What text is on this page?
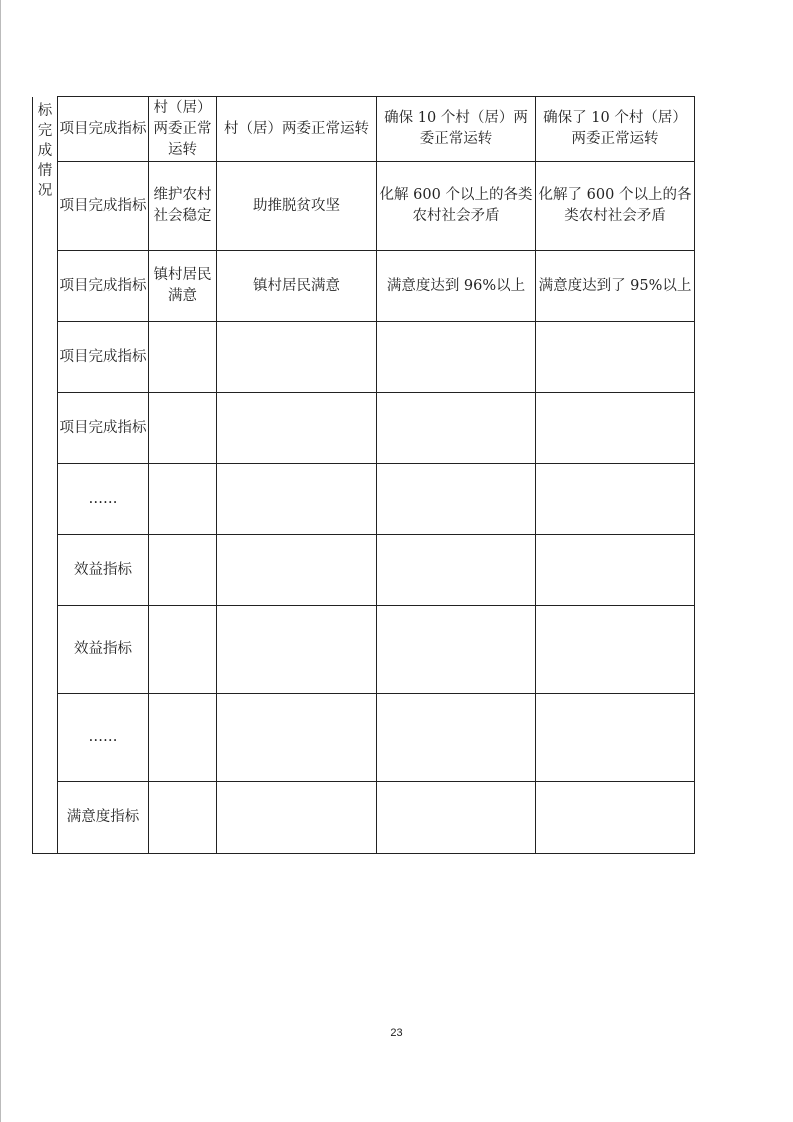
标完成情况	项目完成指标	村（居）两委正常运转	村（居）两委正常运转	确保 10 个村（居）两委正常运转	确保了 10 个村（居）两委正常运转
	项目完成指标	维护农村社会稳定	助推脱贫攻坚	化解 600 个以上的各类农村社会矛盾	化解了 600 个以上的各类农村社会矛盾
	项目完成指标	镇村居民满意	镇村居民满意	满意度达到 96%以上	满意度达到了 95%以上
	项目完成指标				
	项目完成指标				
	……				
	效益指标				
	效益指标				
	……				
	满意度指标				
23
